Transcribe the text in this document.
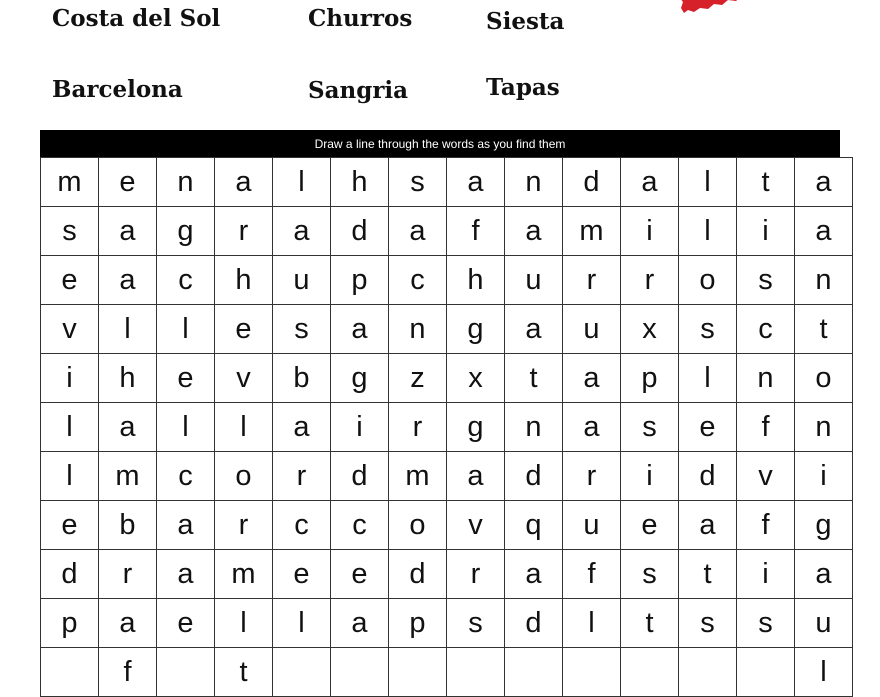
Costa del Sol	Churros	Siesta
Barcelona	Sangria	Tapas
Draw a line through the words as you find them
m	e	n	a	l	h	s	a	n	d	a	l	t	a
s	a	g	r	a	d	a	f	a	m	i	l	i	a
e	a	c	h	u	p	c	h	u	r	r	o	s	n
v	l	l	e	s	a	n	g	a	u	x	s	c	t
i	h	e	v	b	g	z	x	t	a	p	l	n	o
l	a	l	l	a	i	r	g	n	a	s	e	f	n
l	m	c	o	r	d	m	a	d	r	i	d	v	i
e	b	a	r	c	c	o	v	q	u	e	a	f	g
d	r	a	m	e	e	d	r	a	f	s	t	i	a
p	a	e	l	l	a	p	s	d	l	t	s	s	u
	f		t										l
